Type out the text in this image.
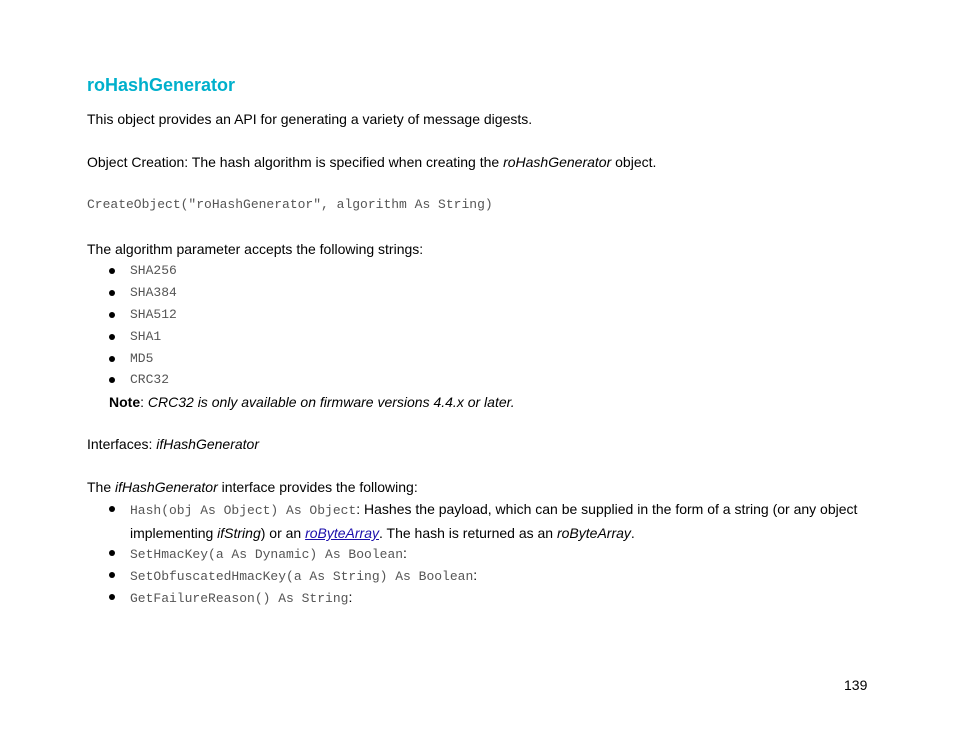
roHashGenerator
This object provides an API for generating a variety of message digests.
Object Creation: The hash algorithm is specified when creating the roHashGenerator object.
CreateObject("roHashGenerator", algorithm As String)
The algorithm parameter accepts the following strings:
SHA256
SHA384
SHA512
SHA1
MD5
CRC32
Note: CRC32 is only available on firmware versions 4.4.x or later.
Interfaces: ifHashGenerator
The ifHashGenerator interface provides the following:
Hash(obj As Object) As Object: Hashes the payload, which can be supplied in the form of a string (or any object implementing ifString) or an roByteArray. The hash is returned as an roByteArray.
SetHmacKey(a As Dynamic) As Boolean:
SetObfuscatedHmacKey(a As String) As Boolean:
GetFailureReason() As String:
139
